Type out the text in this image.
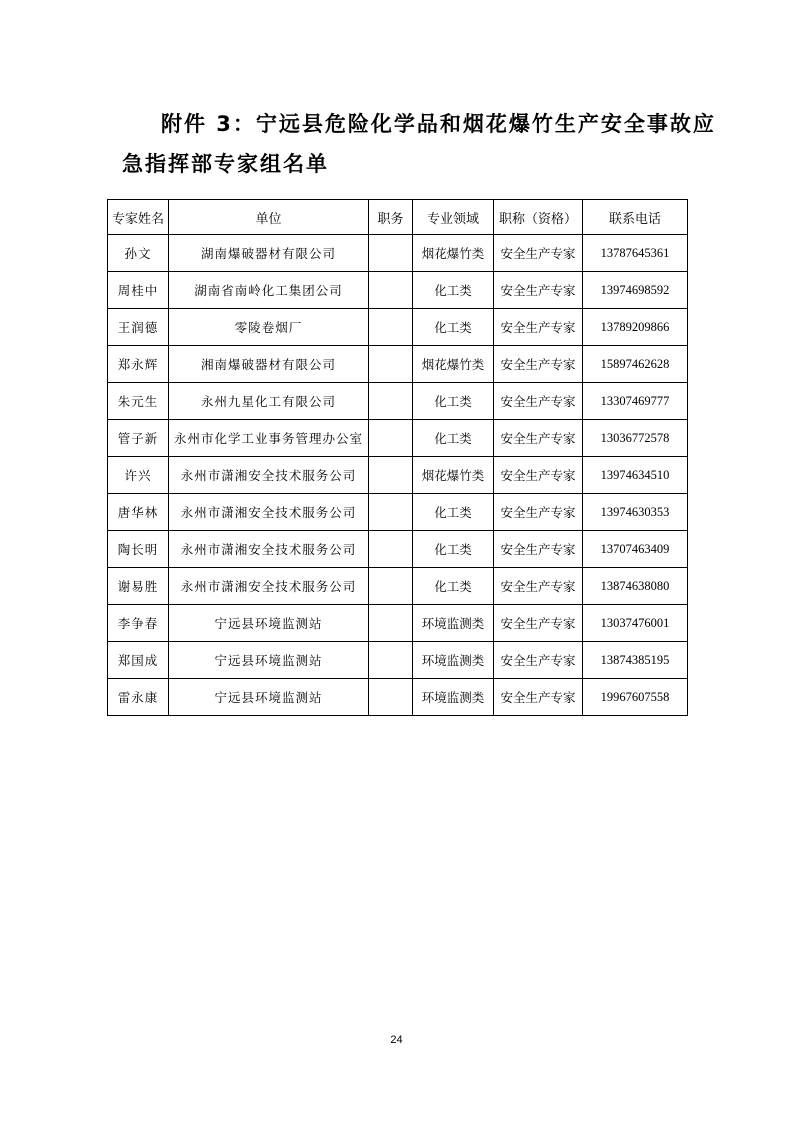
附件 3：宁远县危险化学品和烟花爆竹生产安全事故应
急指挥部专家组名单
专家姓名	单位	职务	专业领域	职称（资格）	联系电话
孙文	湖南爆破器材有限公司		烟花爆竹类	安全生产专家	13787645361
周桂中	湖南省南岭化工集团公司		化工类	安全生产专家	13974698592
王润德	零陵卷烟厂		化工类	安全生产专家	13789209866
郑永辉	湘南爆破器材有限公司		烟花爆竹类	安全生产专家	15897462628
朱元生	永州九星化工有限公司		化工类	安全生产专家	13307469777
管子新	永州市化学工业事务管理办公室		化工类	安全生产专家	13036772578
许兴	永州市潇湘安全技术服务公司		烟花爆竹类	安全生产专家	13974634510
唐华林	永州市潇湘安全技术服务公司		化工类	安全生产专家	13974630353
陶长明	永州市潇湘安全技术服务公司		化工类	安全生产专家	13707463409
谢易胜	永州市潇湘安全技术服务公司		化工类	安全生产专家	13874638080
李争春	宁远县环境监测站		环境监测类	安全生产专家	13037476001
郑国成	宁远县环境监测站		环境监测类	安全生产专家	13874385195
雷永康	宁远县环境监测站		环境监测类	安全生产专家	19967607558
24
